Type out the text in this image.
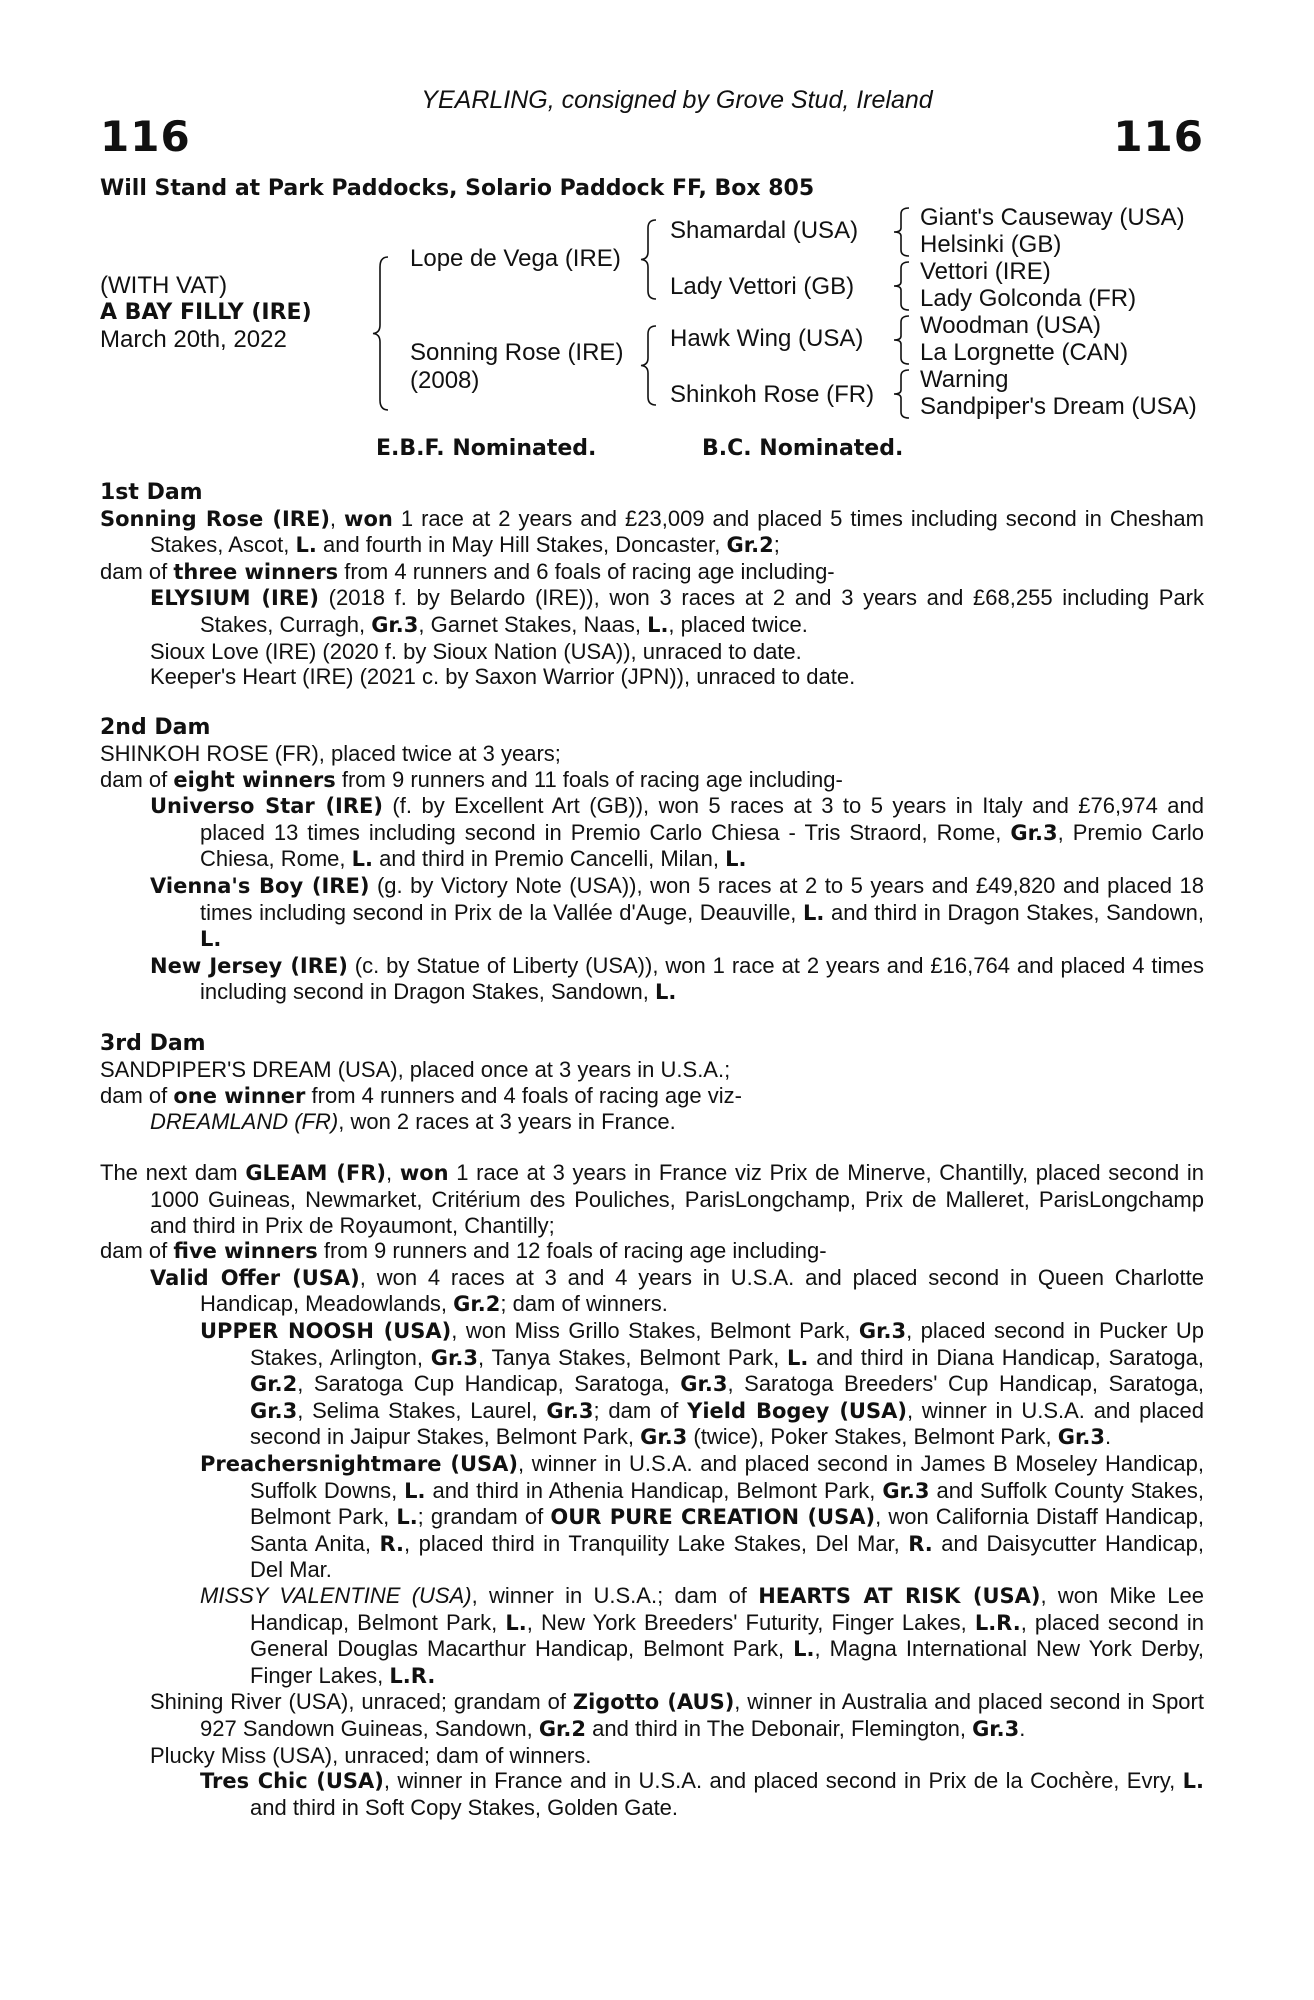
116	116
YEARLING, consigned by Grove Stud, Ireland
Will Stand at Park Paddocks, Solario Paddock FF, Box 805
(WITH VAT)
A BAY FILLY (IRE)
March 20th, 2022
Lope de Vega (IRE)
Sonning Rose (IRE)
(2008)
Shamardal (USA)
Lady Vettori (GB)
Hawk Wing (USA)
Shinkoh Rose (FR)
Giant's Causeway (USA)
Helsinki (GB)
Vettori (IRE)
Lady Golconda (FR)
Woodman (USA)
La Lorgnette (CAN)
Warning
Sandpiper's Dream (USA)
E.B.F. Nominated.	B.C. Nominated.
1st Dam
Sonning Rose (IRE), won 1 race at 2 years and £23,009 and placed 5 times including second in Chesham Stakes, Ascot, L. and fourth in May Hill Stakes, Doncaster, Gr.2;
dam of three winners from 4 runners and 6 foals of racing age including-
ELYSIUM (IRE) (2018 f. by Belardo (IRE)), won 3 races at 2 and 3 years and £68,255 including Park Stakes, Curragh, Gr.3, Garnet Stakes, Naas, L., placed twice.
Sioux Love (IRE) (2020 f. by Sioux Nation (USA)), unraced to date.
Keeper's Heart (IRE) (2021 c. by Saxon Warrior (JPN)), unraced to date.
2nd Dam
SHINKOH ROSE (FR), placed twice at 3 years;
dam of eight winners from 9 runners and 11 foals of racing age including-
Universo Star (IRE) (f. by Excellent Art (GB)), won 5 races at 3 to 5 years in Italy and £76,974 and placed 13 times including second in Premio Carlo Chiesa - Tris Straord, Rome, Gr.3, Premio Carlo Chiesa, Rome, L. and third in Premio Cancelli, Milan, L.
Vienna's Boy (IRE) (g. by Victory Note (USA)), won 5 races at 2 to 5 years and £49,820 and placed 18 times including second in Prix de la Vallée d'Auge, Deauville, L. and third in Dragon Stakes, Sandown, L.
New Jersey (IRE) (c. by Statue of Liberty (USA)), won 1 race at 2 years and £16,764 and placed 4 times including second in Dragon Stakes, Sandown, L.
3rd Dam
SANDPIPER'S DREAM (USA), placed once at 3 years in U.S.A.;
dam of one winner from 4 runners and 4 foals of racing age viz-
DREAMLAND (FR), won 2 races at 3 years in France.
The next dam GLEAM (FR), won 1 race at 3 years in France viz Prix de Minerve, Chantilly, placed second in 1000 Guineas, Newmarket, Critérium des Pouliches, ParisLongchamp, Prix de Malleret, ParisLongchamp and third in Prix de Royaumont, Chantilly;
dam of five winners from 9 runners and 12 foals of racing age including-
Valid Offer (USA), won 4 races at 3 and 4 years in U.S.A. and placed second in Queen Charlotte Handicap, Meadowlands, Gr.2; dam of winners.
UPPER NOOSH (USA), won Miss Grillo Stakes, Belmont Park, Gr.3, placed second in Pucker Up Stakes, Arlington, Gr.3, Tanya Stakes, Belmont Park, L. and third in Diana Handicap, Saratoga, Gr.2, Saratoga Cup Handicap, Saratoga, Gr.3, Saratoga Breeders' Cup Handicap, Saratoga, Gr.3, Selima Stakes, Laurel, Gr.3; dam of Yield Bogey (USA), winner in U.S.A. and placed second in Jaipur Stakes, Belmont Park, Gr.3 (twice), Poker Stakes, Belmont Park, Gr.3.
Preachersnightmare (USA), winner in U.S.A. and placed second in James B Moseley Handicap, Suffolk Downs, L. and third in Athenia Handicap, Belmont Park, Gr.3 and Suffolk County Stakes, Belmont Park, L.; grandam of OUR PURE CREATION (USA), won California Distaff Handicap, Santa Anita, R., placed third in Tranquility Lake Stakes, Del Mar, R. and Daisycutter Handicap, Del Mar.
MISSY VALENTINE (USA), winner in U.S.A.; dam of HEARTS AT RISK (USA), won Mike Lee Handicap, Belmont Park, L., New York Breeders' Futurity, Finger Lakes, L.R., placed second in General Douglas Macarthur Handicap, Belmont Park, L., Magna International New York Derby, Finger Lakes, L.R.
Shining River (USA), unraced; grandam of Zigotto (AUS), winner in Australia and placed second in Sport 927 Sandown Guineas, Sandown, Gr.2 and third in The Debonair, Flemington, Gr.3.
Plucky Miss (USA), unraced; dam of winners.
Tres Chic (USA), winner in France and in U.S.A. and placed second in Prix de la Cochère, Evry, L. and third in Soft Copy Stakes, Golden Gate.
